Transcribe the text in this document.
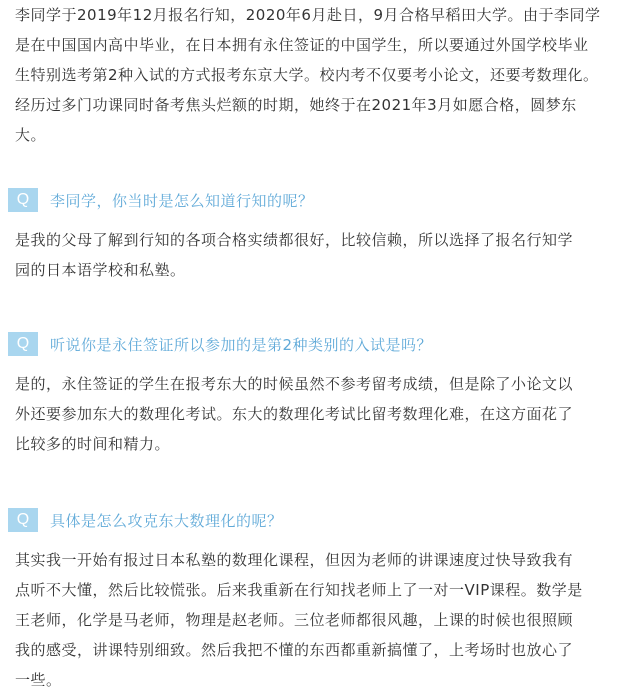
李同学于2019年12月报名行知，2020年6月赴日，9月合格早稻田大学。由于李同学
是在中国国内高中毕业，在日本拥有永住签证的中国学生，所以要通过外国学校毕业
生特别选考第2种入试的方式报考东京大学。校内考不仅要考小论文，还要考数理化。
经历过多门功课同时备考焦头烂额的时期，她终于在2021年3月如愿合格，圆梦东
大。
Q	李同学，你当时是怎么知道行知的呢？
是我的父母了解到行知的各项合格实绩都很好，比较信赖，所以选择了报名行知学
园的日本语学校和私塾。
Q	听说你是永住签证所以参加的是第2种类别的入试是吗？
是的，永住签证的学生在报考东大的时候虽然不参考留考成绩，但是除了小论文以
外还要参加东大的数理化考试。东大的数理化考试比留考数理化难，在这方面花了
比较多的时间和精力。
Q	具体是怎么攻克东大数理化的呢？
其实我一开始有报过日本私塾的数理化课程，但因为老师的讲课速度过快导致我有
点听不大懂，然后比较慌张。后来我重新在行知找老师上了一对一VIP课程。数学是
王老师，化学是马老师，物理是赵老师。三位老师都很风趣，上课的时候也很照顾
我的感受，讲课特别细致。然后我把不懂的东西都重新搞懂了，上考场时也放心了
一些。
